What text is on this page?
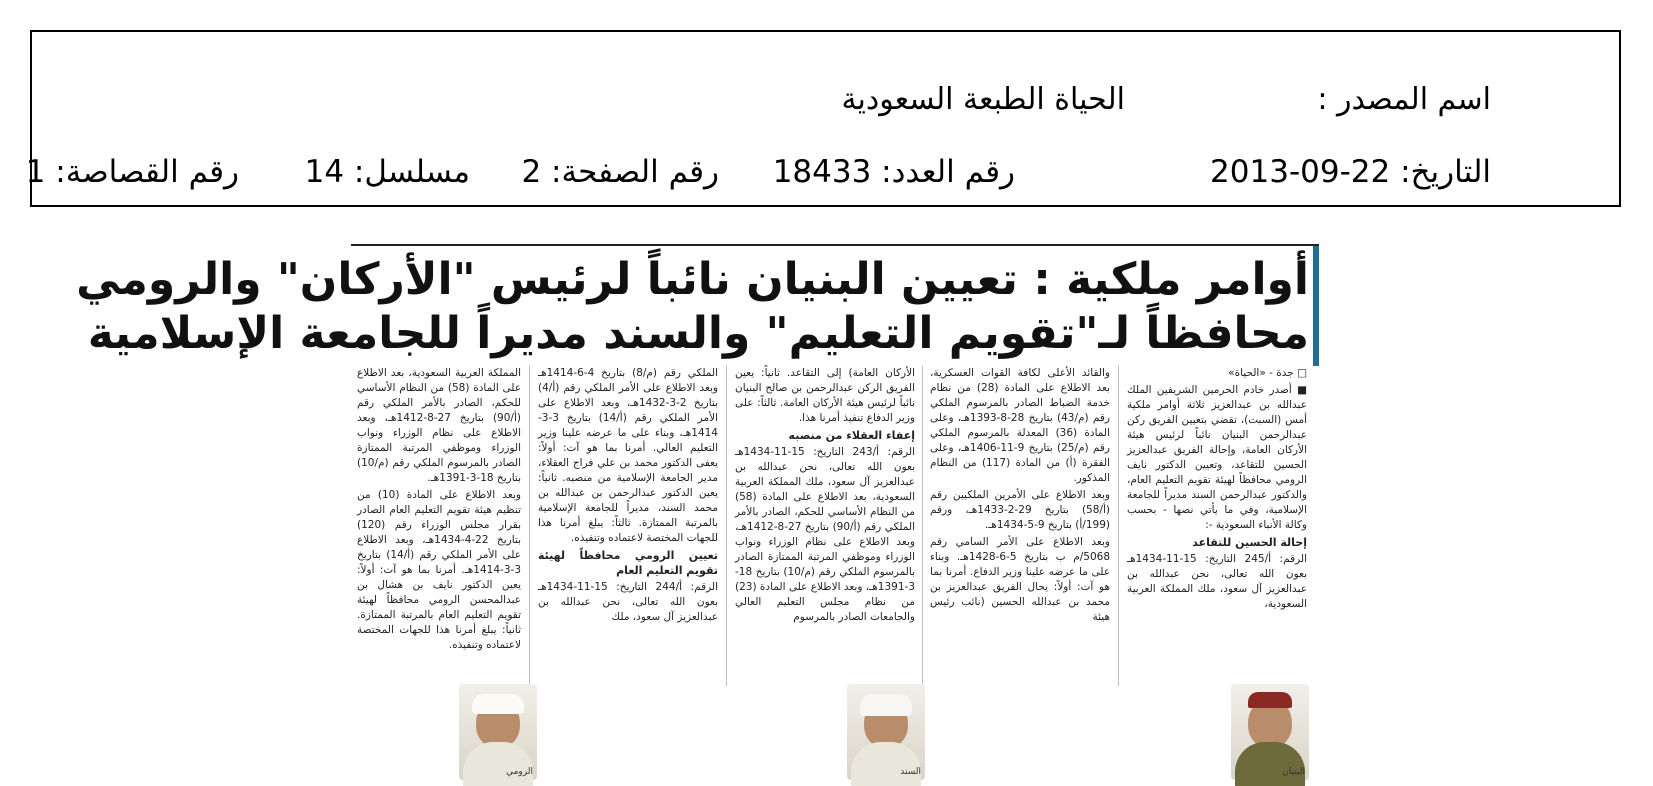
اسم المصدر :
الحياة الطبعة السعودية
التاريخ: 22-09-2013
رقم العدد: 18433
رقم الصفحة: 2
مسلسل: 14
رقم القصاصة: 1
أوامر ملكية : تعيين البنيان نائباً لرئيس "الأركان" والرومي
محافظاً لـ"تقويم التعليم" والسند مديراً للجامعة الإسلامية

□ جدة - «الحياة»

■ أصدر خادم الحرمين الشريفين الملك عبدالله بن عبدالعزيز ثلاثة أوامر ملكية أمس (السبت)، تقضي بتعيين الفريق ركن عبدالرحمن البنيان نائباً لرئيس هيئة الأركان العامة، وإحالة الفريق عبدالعزيز الحسين للتقاعد، وتعيين الدكتور نايف الرومي محافظاً لهيئة تقويم التعليم العام، والدكتور عبدالرحمن السند مديراً للجامعة الإسلامية، وفي ما يأتي نصها - بحسب وكالة الأنباء السعودية -:

إحالة الحسين للتقاعد

الرقم: أ/245 التاريخ: 15-11-1434هـ بعون الله تعالى، نحن عبدالله بن عبدالعزيز آل سعود، ملك المملكة العربية السعودية،

والقائد الأعلى لكافة القوات العسكرية، بعد الاطلاع على المادة (28) من نظام خدمة الضباط الصادر بالمرسوم الملكي رقم (م/43) بتاريخ 28-8-1393هـ، وعلى المادة (36) المعدلة بالمرسوم الملكي رقم (م/25) بتاريخ 9-11-1406هـ، وعلى الفقرة (أ) من المادة (117) من النظام المذكور.

وبعد الاطلاع على الأمرين الملكيين رقم (أ/58) بتاريخ 29-2-1433هـ، ورقم (199/أ) بتاريخ 9-5-1434هـ.

وبعد الاطلاع على الأمر السامي رقم 5068/م ب بتاريخ 5-6-1428هـ. وبناء على ما عرضه علينا وزير الدفاع. أمرنا بما هو آت: أولاً: يحال الفريق عبدالعزيز بن محمد بن عبدالله الحسين (نائب رئيس هيئة

الأركان العامة) إلى التقاعد. ثانياً: يعين الفريق الركن عبدالرحمن بن صالح البنيان نائباً لرئيس هيئة الأركان العامة. ثالثاً: على وزير الدفاع تنفيذ أمرنا هذا.

إعفاء العقلاء من منصبه

الرقم: أ/243 التاريخ: 15-11-1434هـ بعون الله تعالى، نحن عبدالله بن عبدالعزيز آل سعود، ملك المملكة العربية السعودية، بعد الاطلاع على المادة (58) من النظام الأساسي للحكم، الصادر بالأمر الملكي رقم (أ/90) بتاريخ 27-8-1412هـ، وبعد الاطلاع على نظام الوزراء ونواب الوزراء وموظفي المرتبة الممتازة الصادر بالمرسوم الملكي رقم (م/10) بتاريخ 18-3-1391هـ، وبعد الاطلاع على المادة (23) من نظام مجلس التعليم العالي والجامعات الصادر بالمرسوم

الملكي رقم (م/8) بتاريخ 4-6-1414هـ وبعد الاطلاع على الأمر الملكي رقم (أ/4) بتاريخ 2-3-1432هـ، وبعد الاطلاع على الأمر الملكي رقم (أ/14) بتاريخ 3-3-1414هـ، وبناء على ما عرضه علينا وزير التعليم العالي. أمرنا بما هو آت: أولاً: يعفى الدكتور محمد بن علي فراج العقلاء، مدير الجامعة الإسلامية من منصبه. ثانياً: يعين الدكتور عبدالرحمن بن عبدالله بن محمد السند، مديراً للجامعة الإسلامية بالمرتبة الممتازة. ثالثاً: يبلغ أمرنا هذا للجهات المختصة لاعتماده وتنفيذه.

تعيين الرومي محافظاً لهيئة تقويم التعليم العام

الرقم: أ/244 التاريخ: 15-11-1434هـ بعون الله تعالى، نحن عبدالله بن عبدالعزيز آل سعود، ملك

المملكة العربية السعودية، بعد الاطلاع على المادة (58) من النظام الأساسي للحكم، الصادر بالأمر الملكي رقم (أ/90) بتاريخ 27-8-1412هـ، وبعد الاطلاع على نظام الوزراء ونواب الوزراء وموظفي المرتبة الممتازة الصادر بالمرسوم الملكي رقم (م/10) بتاريخ 18-3-1391هـ.

وبعد الاطلاع على المادة (10) من تنظيم هيئة تقويم التعليم العام الصادر بقرار مجلس الوزراء رقم (120) بتاريخ 22-4-1434هـ، وبعد الاطلاع على الأمر الملكي رقم (أ/14) بتاريخ 3-3-1414هـ. أمرنا بما هو آت: أولاً: يعين الدكتور نايف بن هشال بن عبدالمحسن الرومي محافظاً لهيئة تقويم التعليم العام بالمرتبة الممتازة. ثانياً: يبلغ أمرنا هذا للجهات المختصة لاعتماده وتنفيذه.

البنيان
السند
الرومي
